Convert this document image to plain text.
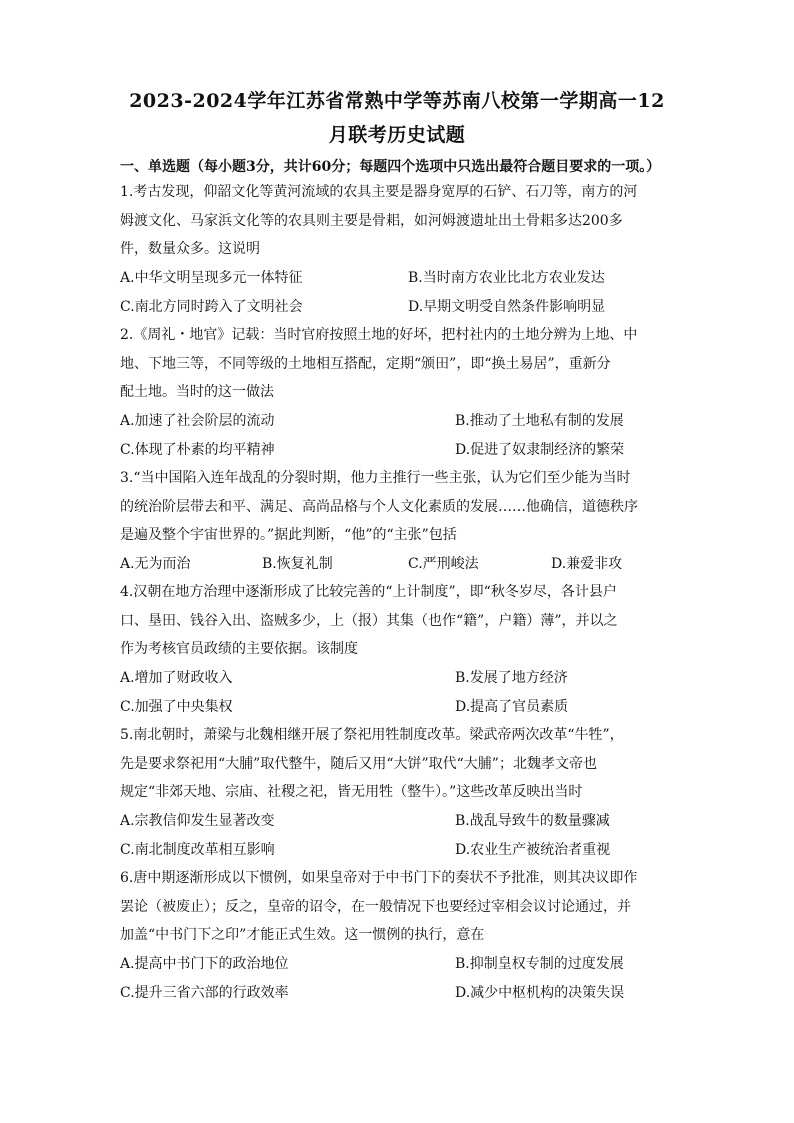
2023-2024学年江苏省常熟中学等苏南八校第一学期高一12
月联考历史试题
一、单选题（每小题3分，共计60分；每题四个选项中只选出最符合题目要求的一项。）

1.考古发现，仰韶文化等黄河流域的农具主要是器身宽厚的石铲、石刀等，南方的河

姆渡文化、马家浜文化等的农具则主要是骨耜，如河姆渡遗址出土骨耜多达200多

件，数量众多。这说明

A.中华文明呈现多元一体特征	B.当时南方农业比北方农业发达
C.南北方同时跨入了文明社会	D.早期文明受自然条件影响明显

2.《周礼・地官》记载：当时官府按照土地的好坏，把村社内的土地分辨为上地、中

地、下地三等，不同等级的土地相互搭配，定期“颁田”，即“换土易居”，重新分

配土地。当时的这一做法

A.加速了社会阶层的流动	B.推动了土地私有制的发展
C.体现了朴素的均平精神	D.促进了奴隶制经济的繁荣

3.“当中国陷入连年战乱的分裂时期，他力主推行一些主张，认为它们至少能为当时

的统治阶层带去和平、满足、高尚品格与个人文化素质的发展……他确信，道德秩序

是遍及整个宇宙世界的。”据此判断，“他”的“主张”包括

A.无为而治	B.恢复礼制	C.严刑峻法	D.兼爱非攻

4.汉朝在地方治理中逐渐形成了比较完善的“上计制度”，即“秋冬岁尽，各计县户

口、垦田、钱谷入出、盗贼多少，上（报）其集（也作“籍”，户籍）薄”，并以之

作为考核官员政绩的主要依据。该制度

A.增加了财政收入	B.发展了地方经济
C.加强了中央集权	D.提高了官员素质

5.南北朝时，萧梁与北魏相继开展了祭祀用牲制度改革。梁武帝两次改革“牛牲”，

先是要求祭祀用“大脯”取代整牛，随后又用“大饼”取代“大脯”；北魏孝文帝也

规定“非郊天地、宗庙、社稷之祀，皆无用牲（整牛）。”这些改革反映出当时

A.宗教信仰发生显著改变	B.战乱导致牛的数量骤减
C.南北制度改革相互影响	D.农业生产被统治者重视

6.唐中期逐渐形成以下惯例，如果皇帝对于中书门下的奏状不予批准，则其决议即作

罢论（被废止）；反之，皇帝的诏令，在一般情况下也要经过宰相会议讨论通过，并

加盖“中书门下之印”才能正式生效。这一惯例的执行，意在

A.提高中书门下的政治地位	B.抑制皇权专制的过度发展
C.提升三省六部的行政效率	D.减少中枢机构的决策失误
